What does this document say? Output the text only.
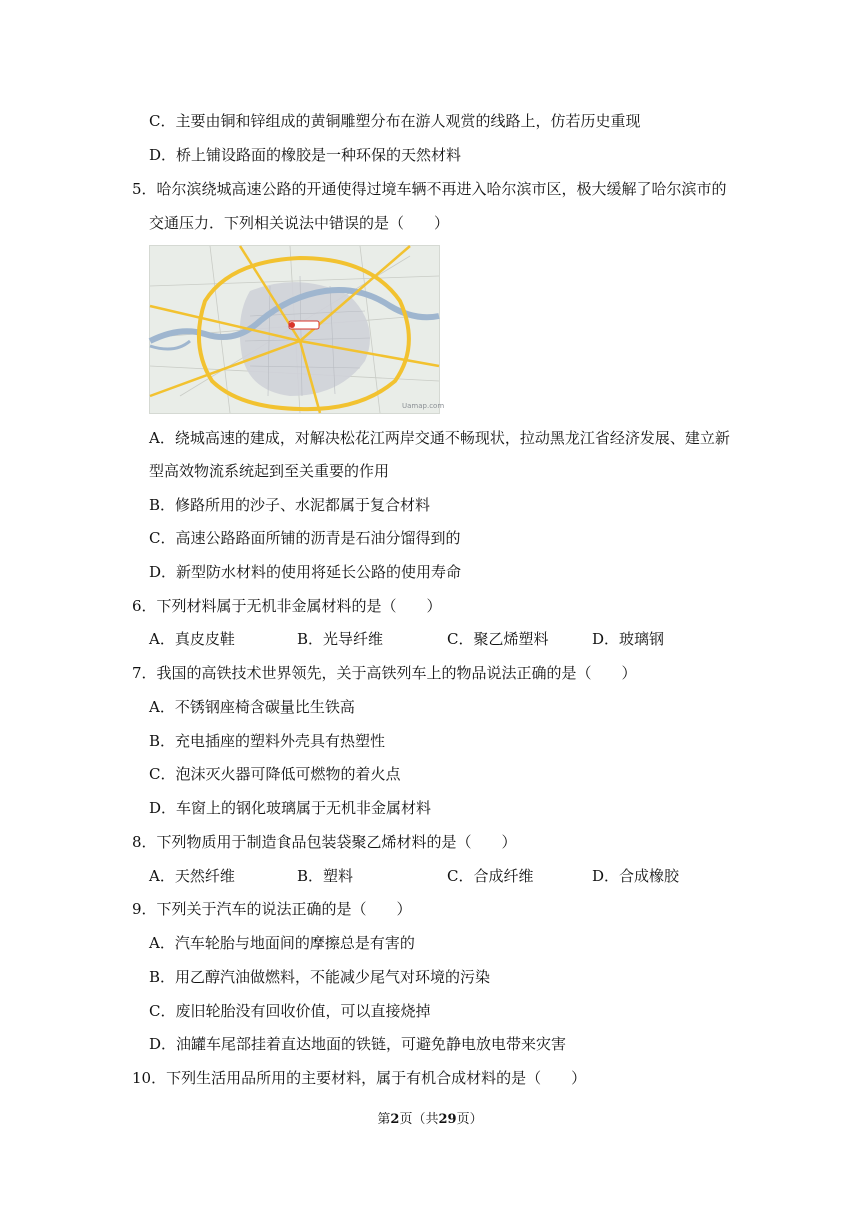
C．主要由铜和锌组成的黄铜雕塑分布在游人观赏的线路上，仿若历史重现
D．桥上铺设路面的橡胶是一种环保的天然材料
5．哈尔滨绕城高速公路的开通使得过境车辆不再进入哈尔滨市区，极大缓解了哈尔滨市的
交通压力．下列相关说法中错误的是（　　）
Uamap.com
A．绕城高速的建成，对解决松花江两岸交通不畅现状，拉动黑龙江省经济发展、建立新
型高效物流系统起到至关重要的作用
B．修路所用的沙子、水泥都属于复合材料
C．高速公路路面所铺的沥青是石油分馏得到的
D．新型防水材料的使用将延长公路的使用寿命
6．下列材料属于无机非金属材料的是（　　）
A．真皮皮鞋	B．光导纤维	C．聚乙烯塑料	D．玻璃钢
7．我国的高铁技术世界领先，关于高铁列车上的物品说法正确的是（　　）
A．不锈钢座椅含碳量比生铁高
B．充电插座的塑料外壳具有热塑性
C．泡沫灭火器可降低可燃物的着火点
D．车窗上的钢化玻璃属于无机非金属材料
8．下列物质用于制造食品包装袋聚乙烯材料的是（　　）
A．天然纤维	B．塑料	C．合成纤维	D．合成橡胶
9．下列关于汽车的说法正确的是（　　）
A．汽车轮胎与地面间的摩擦总是有害的
B．用乙醇汽油做燃料，不能减少尾气对环境的污染
C．废旧轮胎没有回收价值，可以直接烧掉
D．油罐车尾部挂着直达地面的铁链，可避免静电放电带来灾害
10．下列生活用品所用的主要材料，属于有机合成材料的是（　　）
第2页（共29页）
